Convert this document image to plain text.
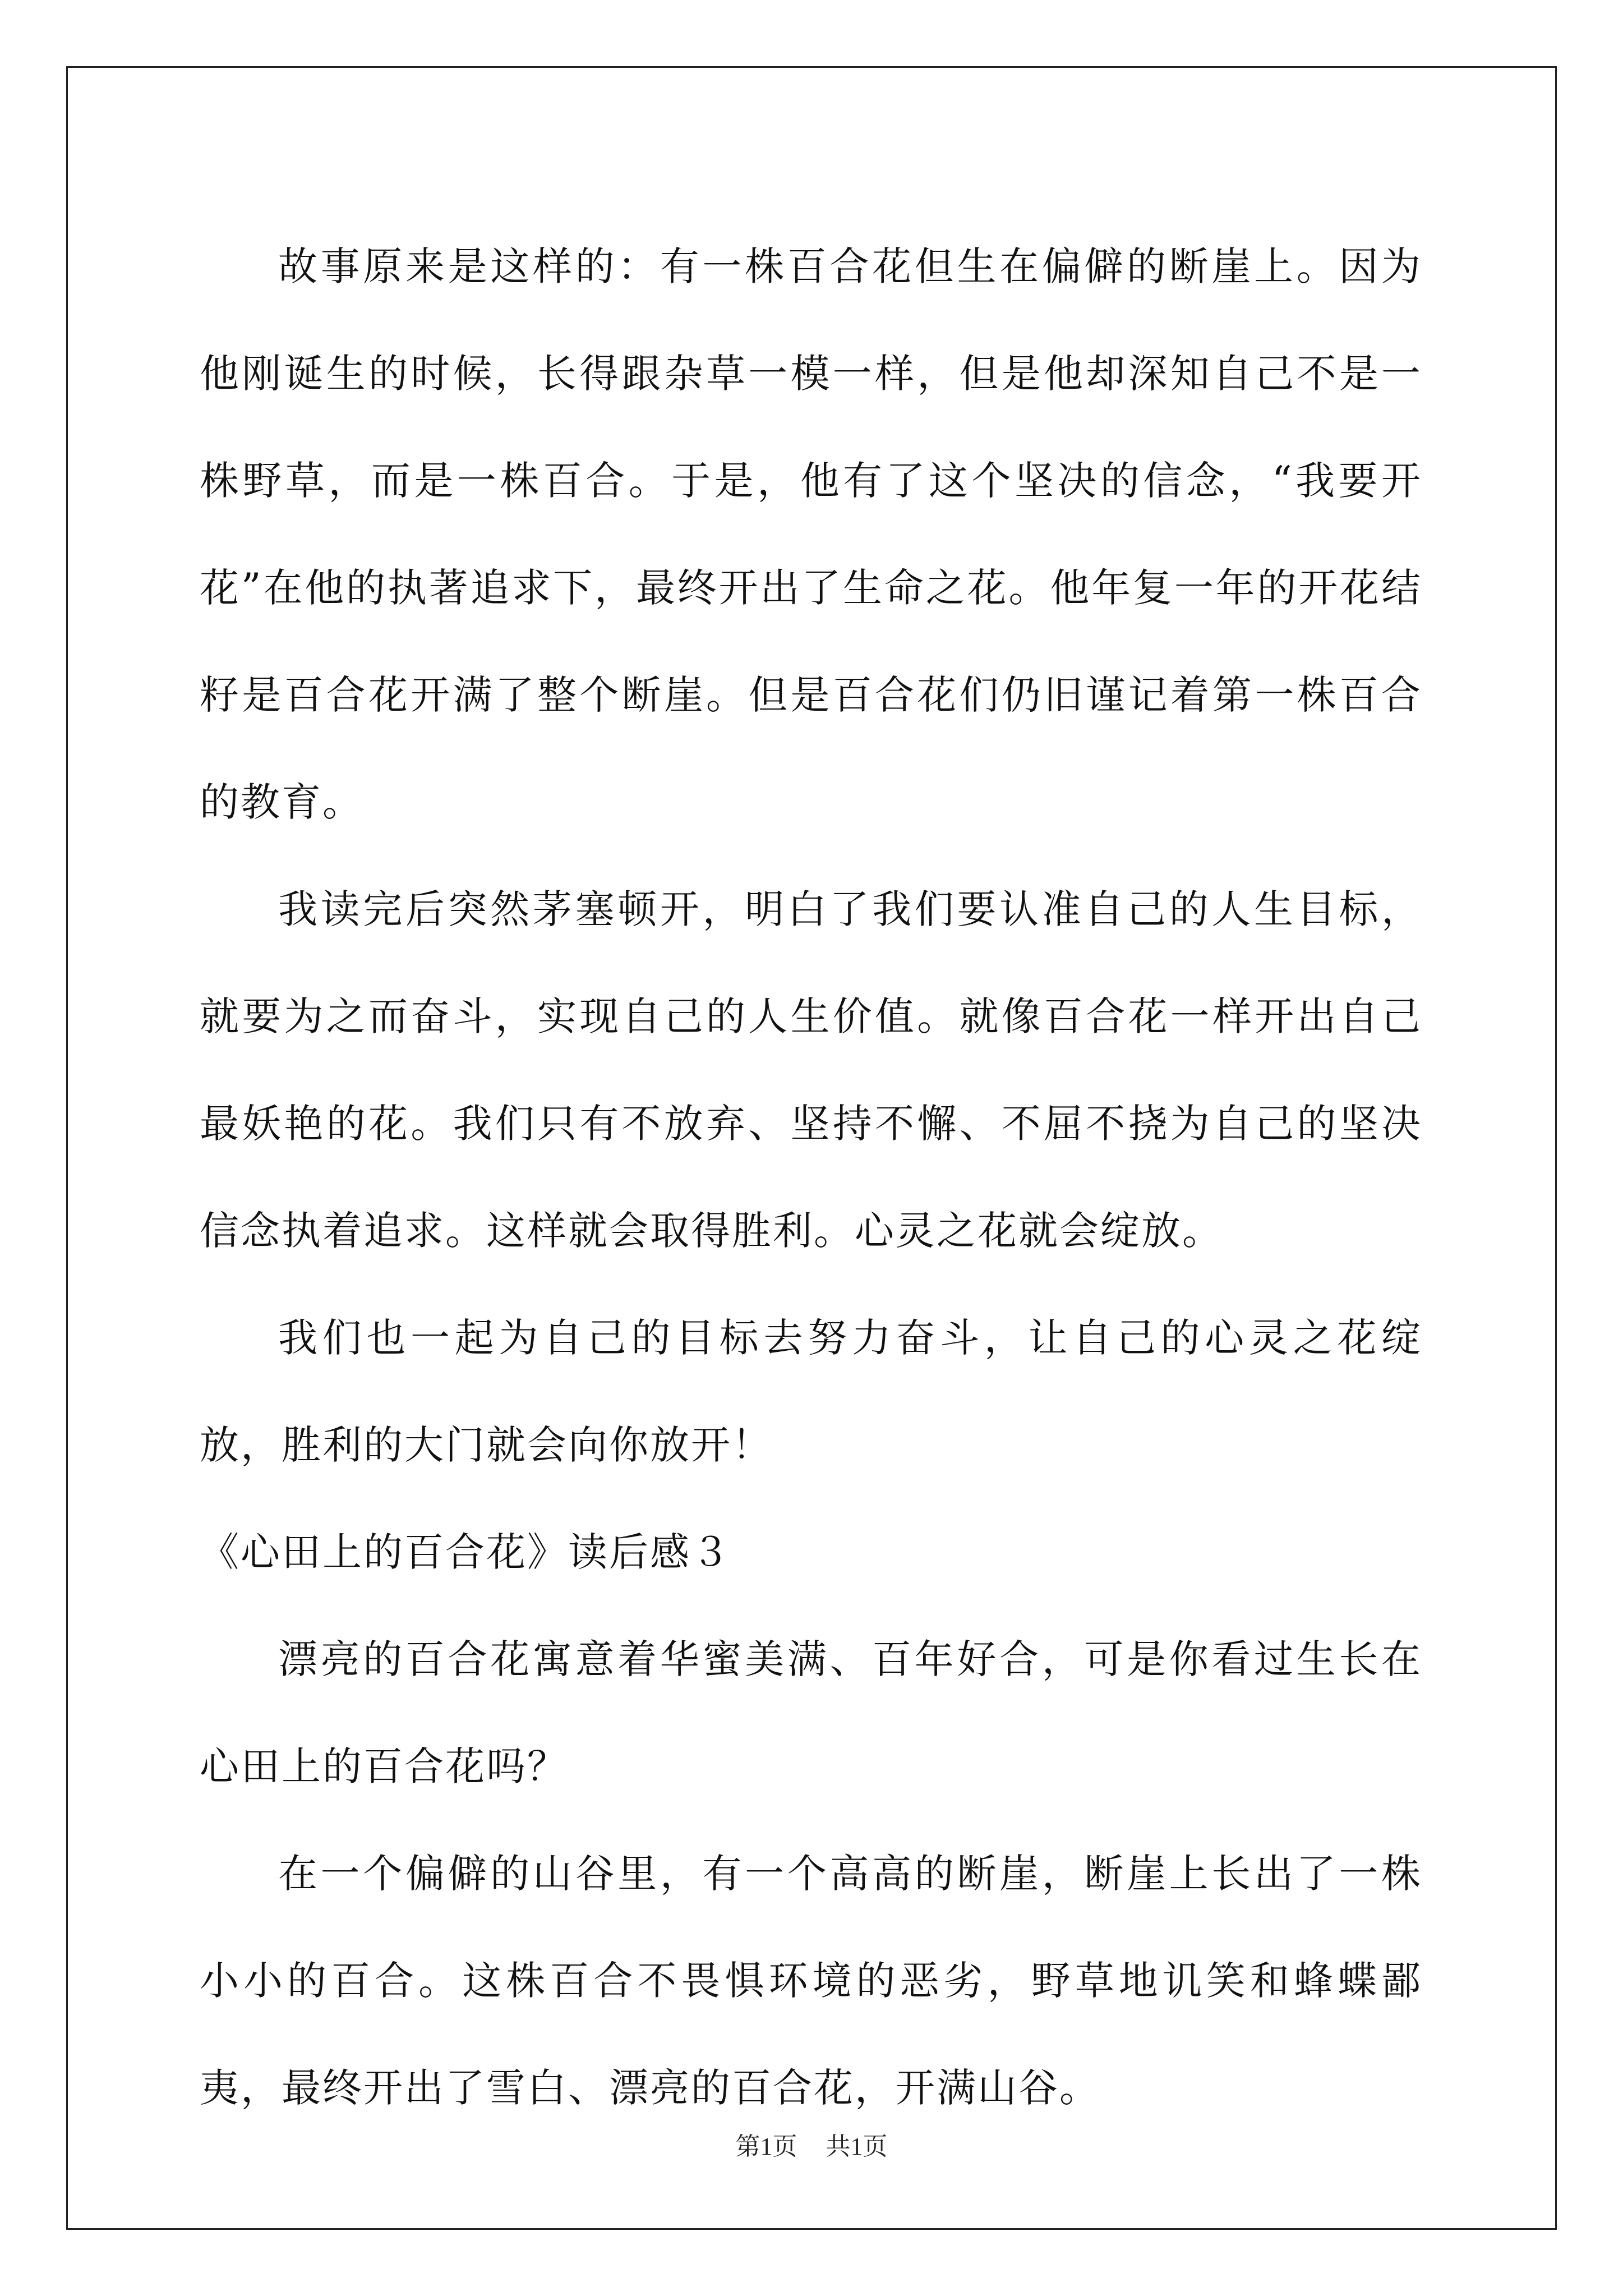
故事原来是这样的：有一株百合花但生在偏僻的断崖上。因为他刚诞生的时候，长得跟杂草一模一样，但是他却深知自己不是一株野草，而是一株百合。于是，他有了这个坚决的信念，“我要开花”在他的执著追求下，最终开出了生命之花。他年复一年的开花结籽是百合花开满了整个断崖。但是百合花们仍旧谨记着第一株百合的教育。

我读完后突然茅塞顿开，明白了我们要认准自己的人生目标，就要为之而奋斗，实现自己的人生价值。就像百合花一样开出自己最妖艳的花。我们只有不放弃、坚持不懈、不屈不挠为自己的坚决信念执着追求。这样就会取得胜利。心灵之花就会绽放。

我们也一起为自己的目标去努力奋斗，让自己的心灵之花绽放，胜利的大门就会向你放开！

《心田上的百合花》读后感３

漂亮的百合花寓意着华蜜美满、百年好合，可是你看过生长在心田上的百合花吗？

在一个偏僻的山谷里，有一个高高的断崖，断崖上长出了一株小小的百合。这株百合不畏惧环境的恶劣，野草地讥笑和蜂蝶鄙夷，最终开出了雪白、漂亮的百合花，开满山谷。

第1页 共1页
